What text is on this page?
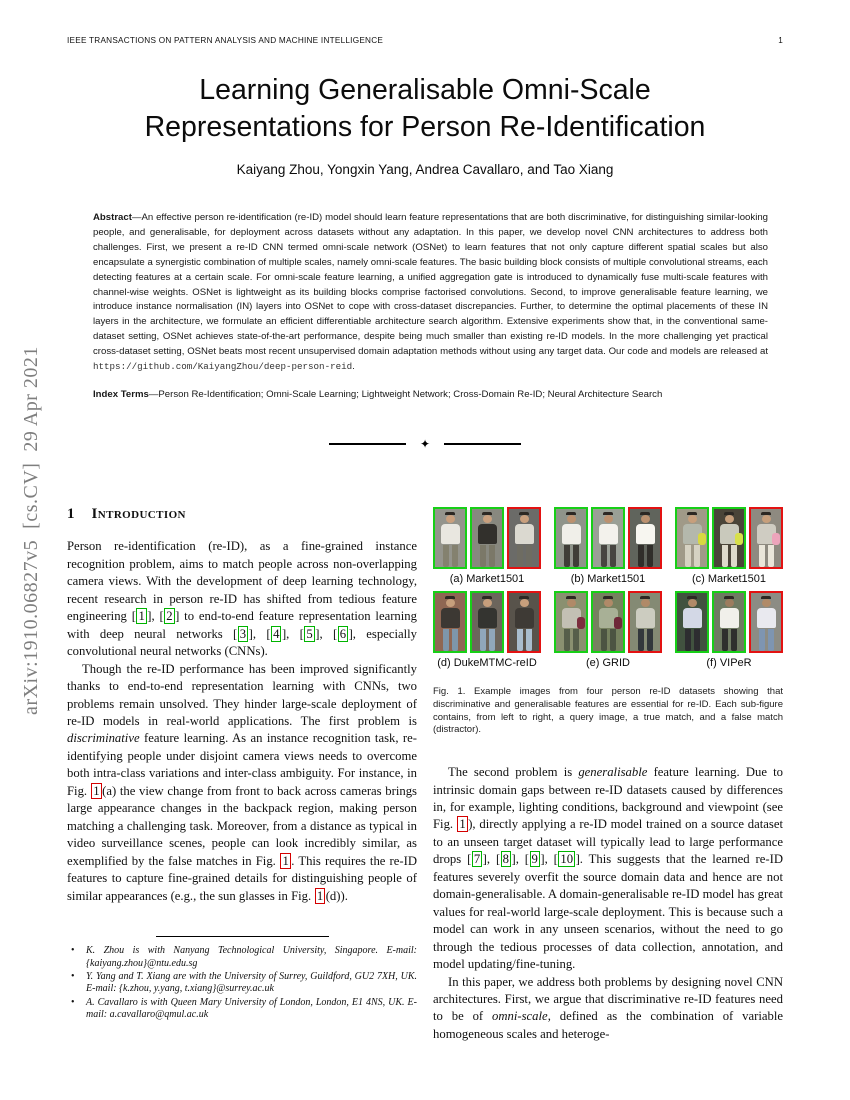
IEEE TRANSACTIONS ON PATTERN ANALYSIS AND MACHINE INTELLIGENCE	1
arXiv:1910.06827v5  [cs.CV]  29 Apr 2021
Learning Generalisable Omni-Scale
Representations for Person Re-Identification
Kaiyang Zhou, Yongxin Yang, Andrea Cavallaro, and Tao Xiang

Abstract—An effective person re-identification (re-ID) model should learn feature representations that are both discriminative, for distinguishing similar-looking people, and generalisable, for deployment across datasets without any adaptation. In this paper, we develop novel CNN architectures to address both challenges. First, we present a re-ID CNN termed omni-scale network (OSNet) to learn features that not only capture different spatial scales but also encapsulate a synergistic combination of multiple scales, namely omni-scale features. The basic building block consists of multiple convolutional streams, each detecting features at a certain scale. For omni-scale feature learning, a unified aggregation gate is introduced to dynamically fuse multi-scale features with channel-wise weights. OSNet is lightweight as its building blocks comprise factorised convolutions. Second, to improve generalisable feature learning, we introduce instance normalisation (IN) layers into OSNet to cope with cross-dataset discrepancies. Further, to determine the optimal placements of these IN layers in the architecture, we formulate an efficient differentiable architecture search algorithm. Extensive experiments show that, in the conventional same-dataset setting, OSNet achieves state-of-the-art performance, despite being much smaller than existing re-ID models. In the more challenging yet practical cross-dataset setting, OSNet beats most recent unsupervised domain adaptation methods without using any target data. Our code and models are released at https://github.com/KaiyangZhou/deep-person-reid.

Index Terms—Person Re-Identification; Omni-Scale Learning; Lightweight Network; Cross-Domain Re-ID; Neural Architecture Search

✦
1 Introduction

Person re-identification (re-ID), as a fine-grained instance recognition problem, aims to match people across non-overlapping camera views. With the development of deep learning technology, recent research in person re-ID has shifted from tedious feature engineering [ 1 ], [ 2 ] to end-to-end feature representation learning with deep neural networks [ 3 ], [ 4 ], [ 5 ], [ 6 ], especially convolutional neural networks (CNNs).

Though the re-ID performance has been improved significantly thanks to end-to-end representation learning with CNNs, two problems remain unsolved. They hinder large-scale deployment of re-ID models in real-world applications. The first problem is discriminative feature learning. As an instance recognition task, re-identifying people under disjoint camera views needs to overcome both intra-class variations and inter-class ambiguity. For instance, in Fig. 1 (a) the view change from front to back across cameras brings large appearance changes in the backpack region, making person matching a challenging task. Moreover, from a distance as typical in video surveillance scenes, people can look incredibly similar, as exemplified by the false matches in Fig. 1 . This requires the re-ID features to capture fine-grained details for distinguishing people of similar appearances (e.g., the sun glasses in Fig. 1 (d)).

(a) Market1501	(b) Market1501	(c) Market1501
(d) DukeMTMC-reID	(e) GRID	(f) VIPeR
Fig. 1. Example images from four person re-ID datasets showing that discriminative and generalisable features are essential for re-ID. Each sub-figure contains, from left to right, a query image, a true match, and a false match (distractor).

The second problem is generalisable feature learning. Due to intrinsic domain gaps between re-ID datasets caused by differences in, for example, lighting conditions, background and viewpoint (see Fig. 1 ), directly applying a re-ID model trained on a source dataset to an unseen target dataset will typically lead to large performance drops [ 7 ], [ 8 ], [ 9 ], [ 10 ]. This suggests that the learned re-ID features severely overfit the source domain data and hence are not domain-generalisable. A domain-generalisable re-ID model has great values for real-world large-scale deployment. This is because such a model can work in any unseen scenarios, without the need to go through the tedious processes of data collection, annotation, and model updating/fine-tuning.

In this paper, we address both problems by designing novel CNN architectures. First, we argue that discriminative re-ID features need to be of omni-scale, defined as the combination of variable homogeneous scales and heteroge-

• K. Zhou is with Nanyang Technological University, Singapore. E-mail: {kaiyang.zhou}@ntu.edu.sg
• Y. Yang and T. Xiang are with the University of Surrey, Guildford, GU2 7XH, UK. E-mail: {k.zhou, y.yang, t.xiang}@surrey.ac.uk
• A. Cavallaro is with Queen Mary University of London, London, E1 4NS, UK. E-mail: a.cavallaro@qmul.ac.uk
